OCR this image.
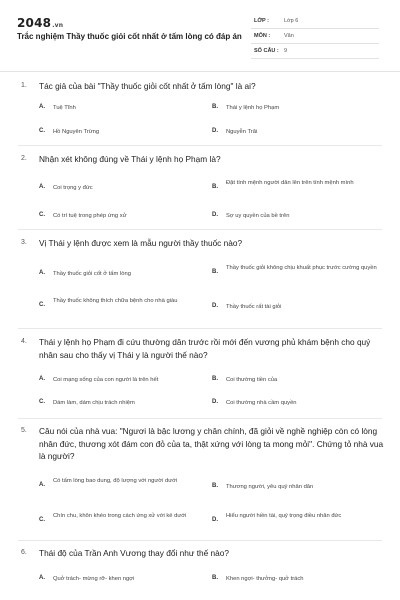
2048.vn
Trắc nghiệm Thầy thuốc giỏi cốt nhất ở tấm lòng có đáp án
LỚP :	Lớp 6
MÔN :	Văn
SỐ CÂU : 9
1. Tác giả của bài "Thầy thuốc giỏi cốt nhất ở tấm lòng" là ai?
A. Tuệ Tĩnh	B. Thái y lệnh họ Phạm
C. Hồ Nguyên Trừng	D. Nguyễn Trãi
2. Nhận xét không đúng về Thái y lệnh họ Phạm là?
A. Coi trọng y đức	B.
Đặt tính mệnh người dân lên trên tính mệnh mình
C. Có trí tuệ trong phép ứng xử	D. Sợ uy quyền của bề trên
3. Vị Thái y lệnh được xem là mẫu người thầy thuốc nào?
A. Thầy thuốc giỏi cốt ở tấm lòng	B.
Thầy thuốc giỏi không chịu khuất phục trước cường quyền
C.
Thầy thuốc không thích chữa bệnh cho nhà giàu
D. Thầy thuốc rất tài giỏi
4. Thái y lệnh họ Phạm đi cứu thường dân trước rồi mới đến vương phủ khám bệnh cho quý nhân sau cho thấy vị Thái y là người thế nào?
A. Coi mạng sống của con người là trên hết	B. Coi thường tiền của
C. Dám làm, dám chịu trách nhiệm	D. Coi thường nhà cầm quyền
5. Câu nói của nhà vua: "Ngươi là bậc lương y chân chính, đã giỏi về nghề nghiệp còn có lòng nhân đức, thương xót đám con đỏ của ta, thật xứng với lòng ta mong mỏi". Chứng tỏ nhà vua là người?
A.
Có tấm lòng bao dung, độ lượng với người dưới
B. Thương người, yêu quý nhân dân
C.
Chín chu, khôn khéo trong cách ứng xử với kẻ dưới
D.
Hiểu người hiền tài, quý trọng điều nhân đức
6. Thái độ của Trần Anh Vương thay đổi như thế nào?
A. Quở trách- mừng rỡ- khen ngợi	B. Khen ngợi- thưởng- quở trách
